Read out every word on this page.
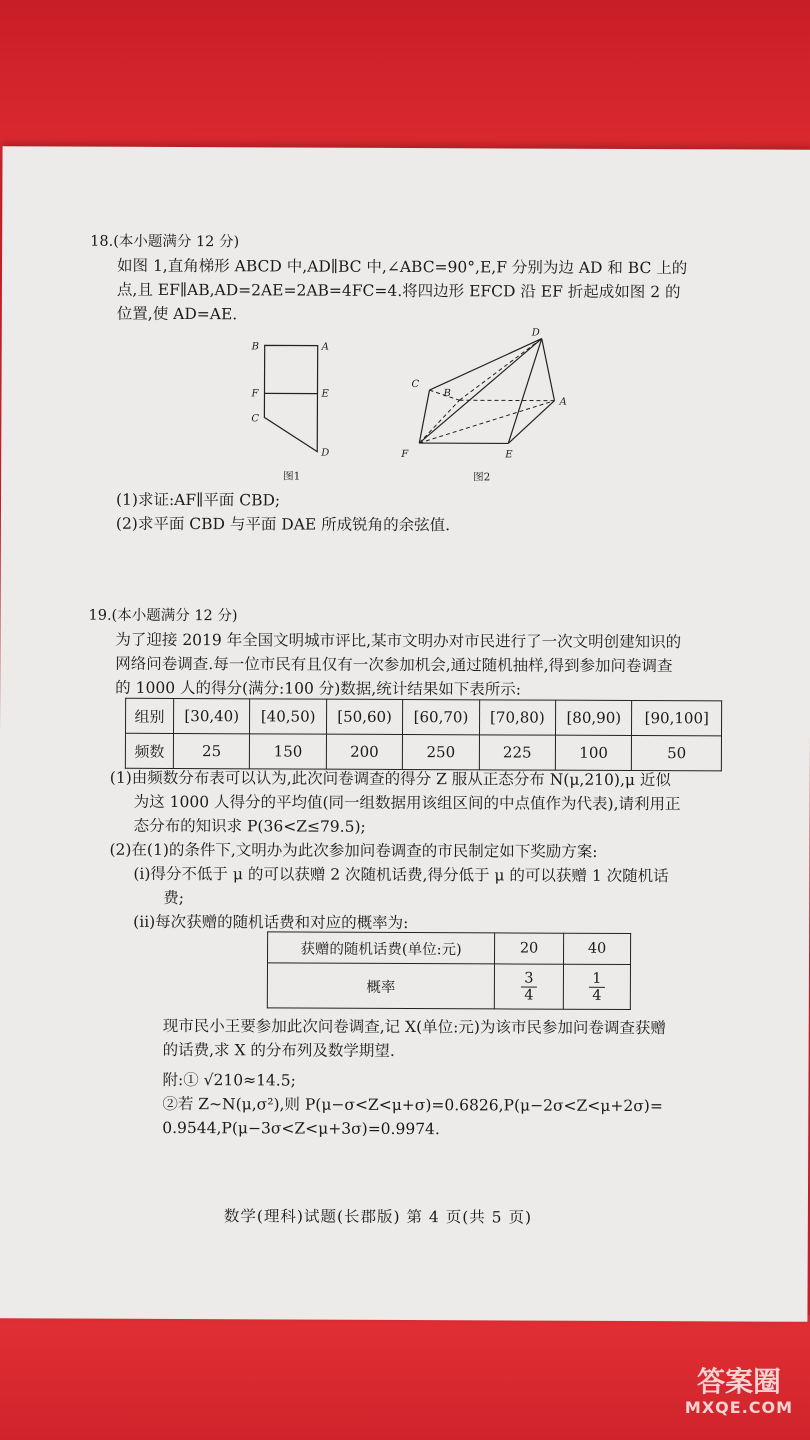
18.(本小题满分 12 分)
如图 1,直角梯形 ABCD 中,AD∥BC 中,∠ABC=90°,E,F 分别为边 AD 和 BC 上的
点,且 EF∥AB,AD=2AE=2AB=4FC=4.将四边形 EFCD 沿 EF 折起成如图 2 的
位置,使 AD=AE.
B	A
F	E
C
D
图1
D
C
B
A
F	E
图2
(1)求证:AF∥平面 CBD;
(2)求平面 CBD 与平面 DAE 所成锐角的余弦值.
19.(本小题满分 12 分)
为了迎接 2019 年全国文明城市评比,某市文明办对市民进行了一次文明创建知识的
网络问卷调查.每一位市民有且仅有一次参加机会,通过随机抽样,得到参加问卷调查
的 1000 人的得分(满分:100 分)数据,统计结果如下表所示:
组别	[30,40)	[40,50)	[50,60)	[60,70)	[70,80)	[80,90)	[90,100]
频数	25	150	200	250	225	100	50
(1)由频数分布表可以认为,此次问卷调查的得分 Z 服从正态分布 N(μ,210),μ 近似
为这 1000 人得分的平均值(同一组数据用该组区间的中点值作为代表),请利用正
态分布的知识求 P(36<Z≤79.5);
(2)在(1)的条件下,文明办为此次参加问卷调查的市民制定如下奖励方案:
(ⅰ)得分不低于 μ 的可以获赠 2 次随机话费,得分低于 μ 的可以获赠 1 次随机话
费;
(ⅱ)每次获赠的随机话费和对应的概率为:
获赠的随机话费(单位:元)	20	40
概率	$\frac{3}{4}$	$\frac{1}{4}$
现市民小王要参加此次问卷调查,记 X(单位:元)为该市民参加问卷调查获赠
的话费,求 X 的分布列及数学期望.
附:① √210≈14.5;
②若 Z~N(μ,σ²),则 P(μ−σ<Z<μ+σ)=0.6826,P(μ−2σ<Z<μ+2σ)=
0.9544,P(μ−3σ<Z<μ+3σ)=0.9974.
数学(理科)试题(长郡版) 第 4 页(共 5 页)
答案圈
MXQE.COM
